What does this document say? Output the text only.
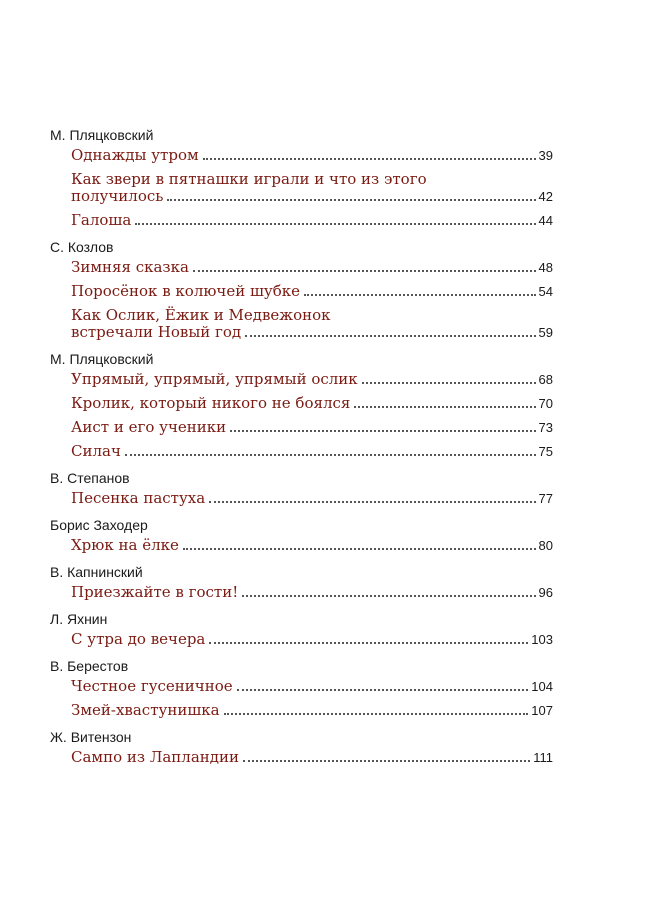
М. Пляцковский
Однажды утром	39
Как звери в пятнашки играли и что из этого
получилось	42
Галоша	44
С. Козлов
Зимняя сказка	48
Поросёнок в колючей шубке	54
Как Ослик, Ёжик и Медвежонок
встречали Новый год	59
М. Пляцковский
Упрямый, упрямый, упрямый ослик	68
Кролик, который никого не боялся	70
Аист и его ученики	73
Силач	75
В. Степанов
Песенка пастуха	77
Борис Заходер
Хрюк на ёлке	80
В. Капнинский
Приезжайте в гости!	96
Л. Яхнин
С утра до вечера	103
В. Берестов
Честное гусеничное	104
Змей-хвастунишка	107
Ж. Витензон
Сампо из Лапландии	111
